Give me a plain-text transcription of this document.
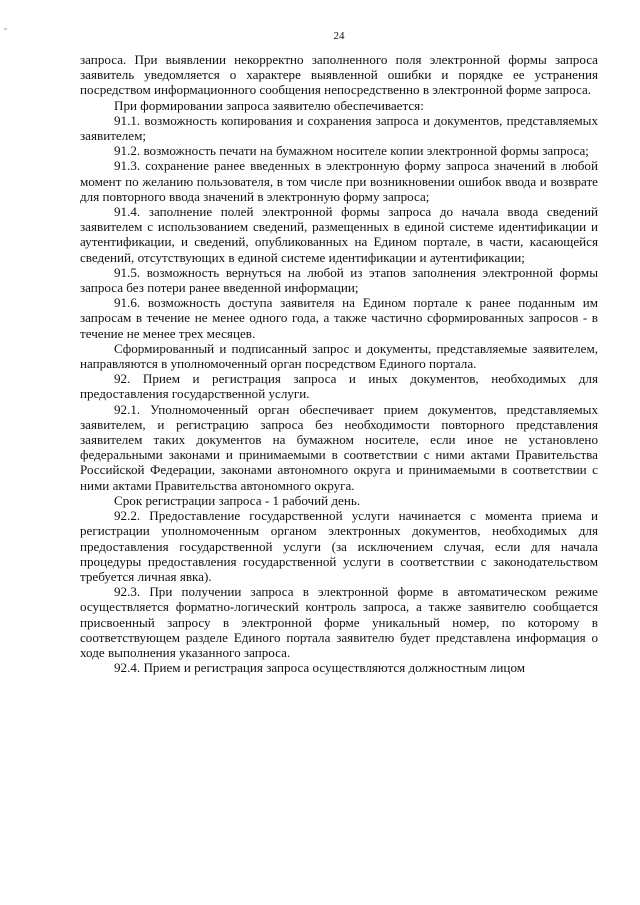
24

запроса. При выявлении некорректно заполненного поля электронной формы запроса заявитель уведомляется о характере выявленной ошибки и порядке ее устранения посредством информационного сообщения непосредственно в электронной форме запроса.

При формировании запроса заявителю обеспечивается:

91.1. возможность копирования и сохранения запроса и документов, представляемых заявителем;

91.2. возможность печати на бумажном носителе копии электронной формы запроса;

91.3. сохранение ранее введенных в электронную форму запроса значений в любой момент по желанию пользователя, в том числе при возникновении ошибок ввода и возврате для повторного ввода значений в электронную форму запроса;

91.4. заполнение полей электронной формы запроса до начала ввода сведений заявителем с использованием сведений, размещенных в единой системе идентификации и аутентификации, и сведений, опубликованных на Едином портале, в части, касающейся сведений, отсутствующих в единой системе идентификации и аутентификации;

91.5. возможность вернуться на любой из этапов заполнения электронной формы запроса без потери ранее введенной информации;

91.6. возможность доступа заявителя на Едином портале к ранее поданным им запросам в течение не менее одного года, а также частично сформированных запросов - в течение не менее трех месяцев.

Сформированный и подписанный запрос и документы, представляемые заявителем, направляются в уполномоченный орган посредством Единого портала.

92. Прием и регистрация запроса и иных документов, необходимых для предоставления государственной услуги.

92.1. Уполномоченный орган обеспечивает прием документов, представляемых заявителем, и регистрацию запроса без необходимости повторного представления заявителем таких документов на бумажном носителе, если иное не установлено федеральными законами и принимаемыми в соответствии с ними актами Правительства Российской Федерации, законами автономного округа и принимаемыми в соответствии с ними актами Правительства автономного округа.

Срок регистрации запроса - 1 рабочий день.

92.2. Предоставление государственной услуги начинается с момента приема и регистрации уполномоченным органом электронных документов, необходимых для предоставления государственной услуги (за исключением случая, если для начала процедуры предоставления государственной услуги в соответствии с законодательством требуется личная явка).

92.3. При получении запроса в электронной форме в автоматическом режиме осуществляется форматно-логический контроль запроса, а также заявителю сообщается присвоенный запросу в электронной форме уникальный номер, по которому в соответствующем разделе Единого портала заявителю будет представлена информация о ходе выполнения указанного запроса.

92.4. Прием и регистрация запроса осуществляются должностным лицом
